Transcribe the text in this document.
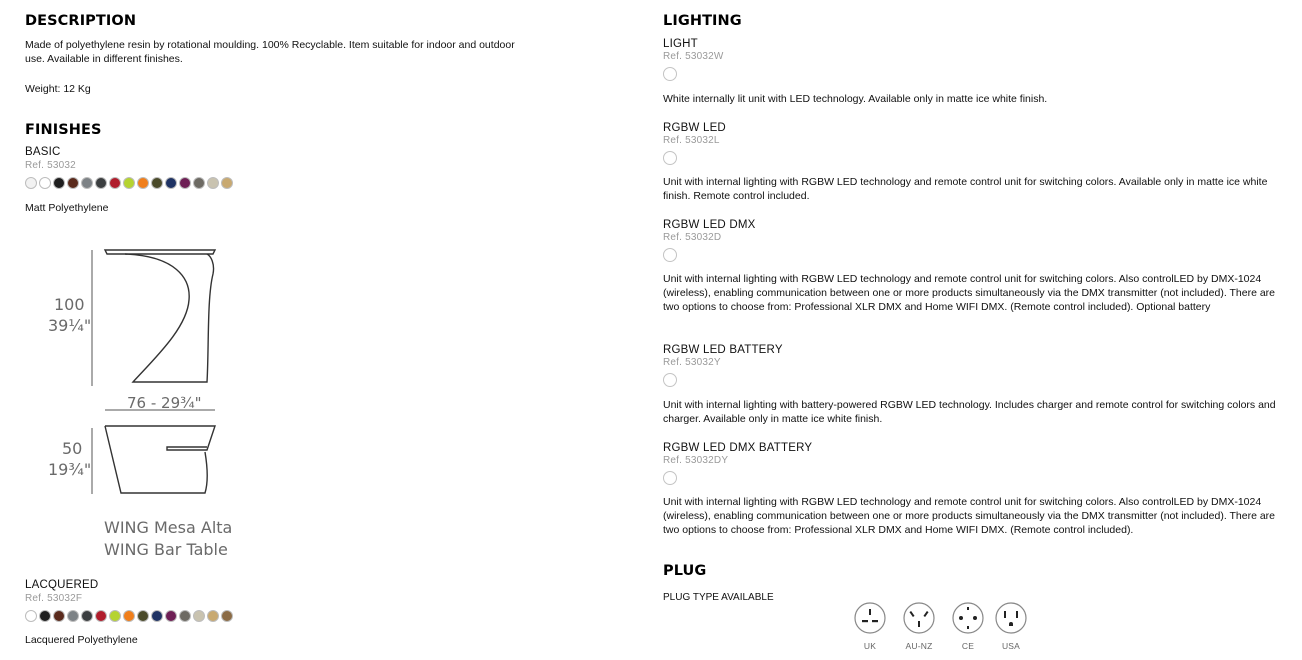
DESCRIPTION
Made of polyethylene resin by rotational moulding. 100% Recyclable. Item suitable for indoor and outdoor use. Available in different finishes.
Weight: 12 Kg
FINISHES
BASIC
Ref. 53032
Matt Polyethylene
100
39¼"
76 - 29¾"
50
19¾"
WING Mesa Alta
WING Bar Table
LACQUERED
Ref. 53032F
Lacquered Polyethylene
LIGHTING
LIGHT
Ref. 53032W
White internally lit unit with LED technology. Available only in matte ice white finish.
RGBW LED
Ref. 53032L
Unit with internal lighting with RGBW LED technology and remote control unit for switching colors. Available only in matte ice white finish. Remote control included.
RGBW LED DMX
Ref. 53032D
Unit with internal lighting with RGBW LED technology and remote control unit for switching colors. Also controlLED by DMX-1024 (wireless), enabling communication between one or more products simultaneously via the DMX transmitter (not included). There are two options to choose from: Professional XLR DMX and Home WIFI DMX. (Remote control included). Optional battery
RGBW LED BATTERY
Ref. 53032Y
Unit with internal lighting with battery-powered RGBW LED technology. Includes charger and remote control for switching colors and charger. Available only in matte ice white finish.
RGBW LED DMX BATTERY
Ref. 53032DY
Unit with internal lighting with RGBW LED technology and remote control unit for switching colors. Also controlLED by DMX-1024 (wireless), enabling communication between one or more products simultaneously via the DMX transmitter (not included). There are two options to choose from: Professional XLR DMX and Home WIFI DMX. (Remote control included).
PLUG
PLUG TYPE AVAILABLE
UK	AU-NZ	CE	USA
